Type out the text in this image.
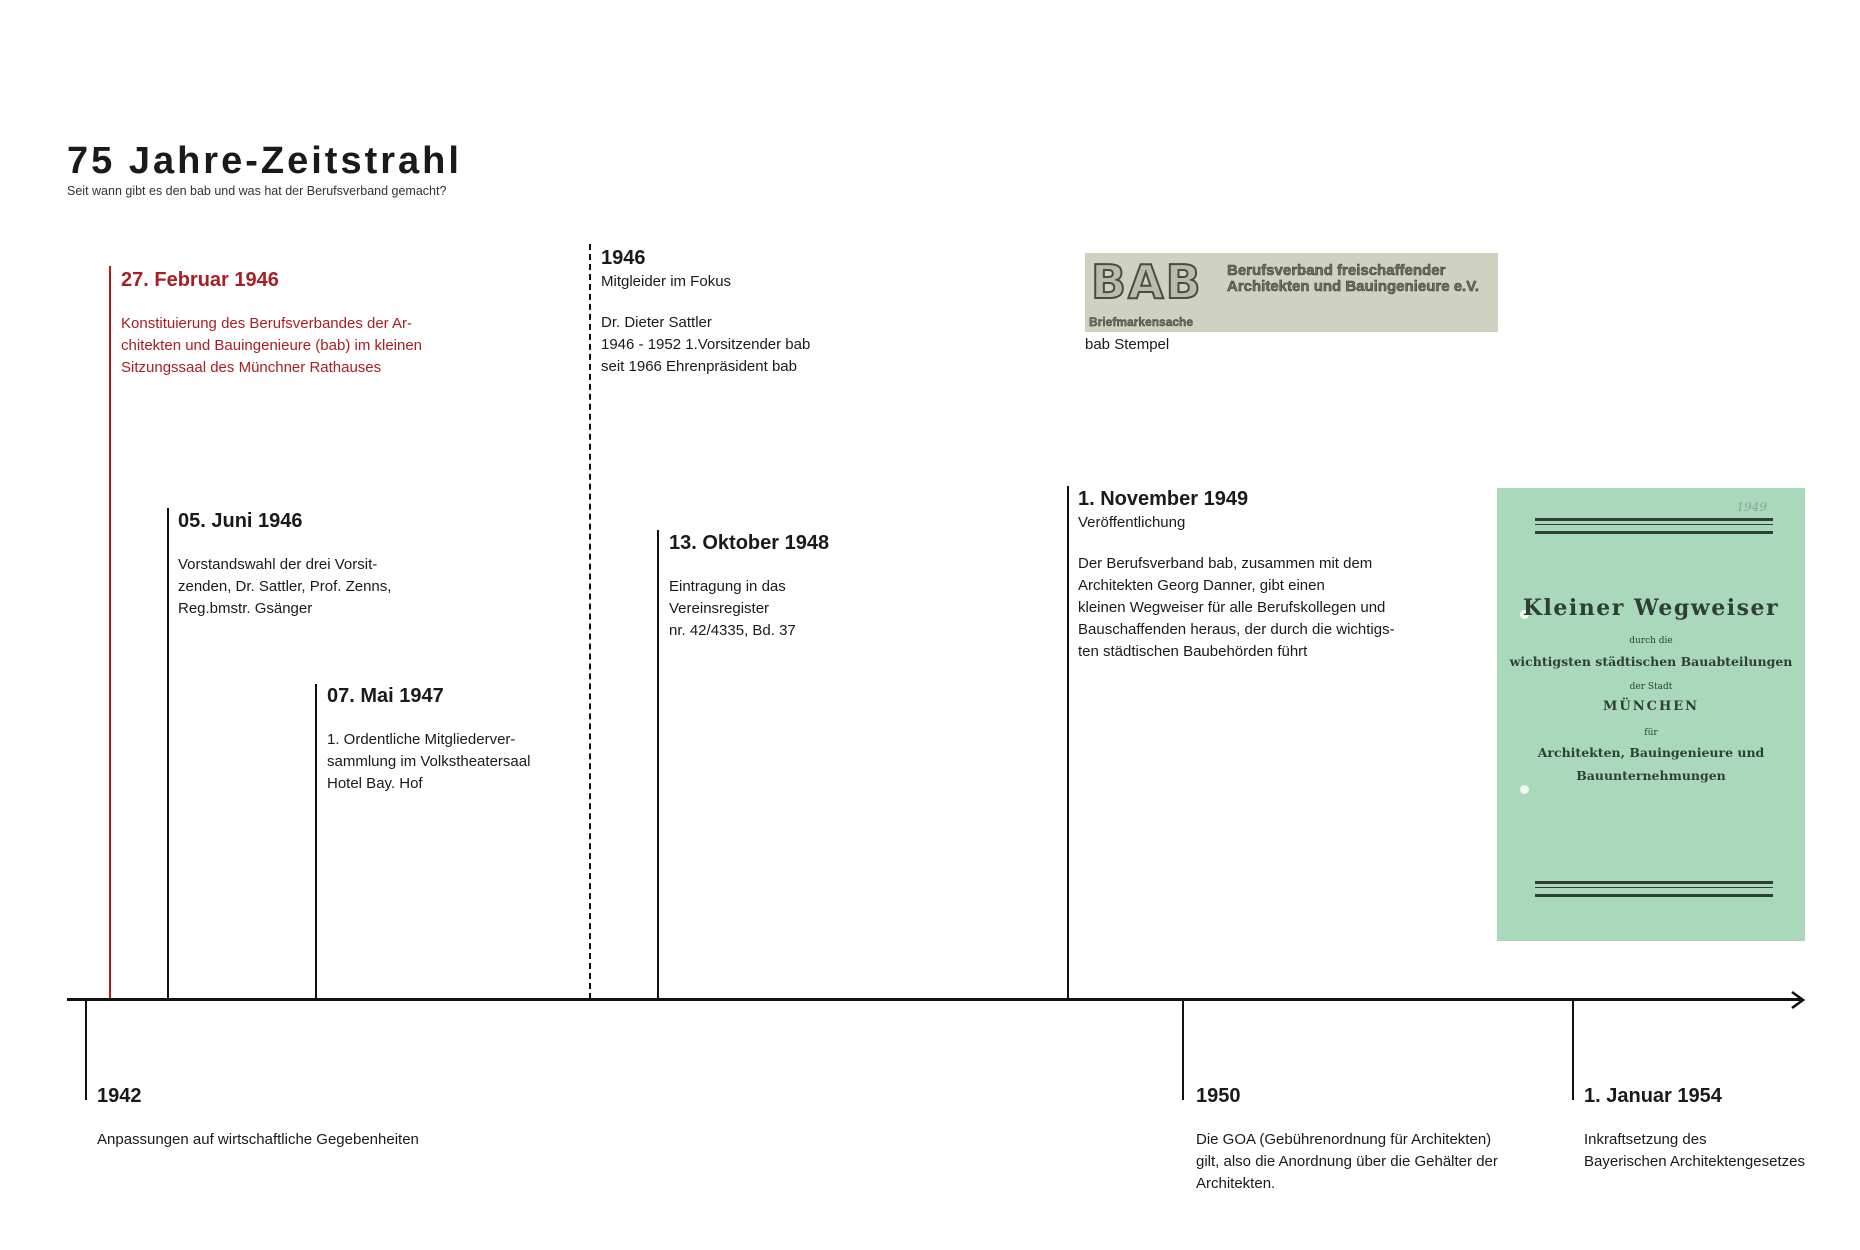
75 Jahre-Zeitstrahl
Seit wann gibt es den bab und was hat der Berufsverband gemacht?
27. Februar 1946
Konstituierung des Berufsverbandes der Ar-
chitekten und Bauingenieure (bab) im kleinen
Sitzungssaal des Münchner Rathauses
05. Juni 1946
Vorstandswahl der drei Vorsit-
zenden, Dr. Sattler, Prof. Zenns,
Reg.bmstr. Gsänger
07. Mai 1947
1. Ordentliche Mitgliederver-
sammlung im Volkstheatersaal
Hotel Bay. Hof
1946
Mitgleider im Fokus
Dr. Dieter Sattler
1946 - 1952 1.Vorsitzender bab
seit 1966 Ehrenpräsident bab
13. Oktober 1948
Eintragung in das
Vereinsregister
nr. 42/4335, Bd. 37
1. November 1949
Veröffentlichung
Der Berufsverband bab, zusammen mit dem
Architekten Georg Danner, gibt einen
kleinen Wegweiser für alle Berufskollegen und
Bauschaffenden heraus, der durch die wichtigs-
ten städtischen Baubehörden führt
BAB Berufsverband freischaffender
Architekten und Bauingenieure e.V.
Briefmarkensache
bab Stempel
1949
Kleiner Wegweiser
durch die
wichtigsten städtischen Bauabteilungen
der Stadt
MÜNCHEN
für
Architekten, Bauingenieure und
Bauunternehmungen
1942
Anpassungen auf wirtschaftliche Gegebenheiten
1950
Die GOA (Gebührenordnung für Architekten)
gilt, also die Anordnung über die Gehälter der
Architekten.
1. Januar 1954
Inkraftsetzung des
Bayerischen Architektengesetzes
